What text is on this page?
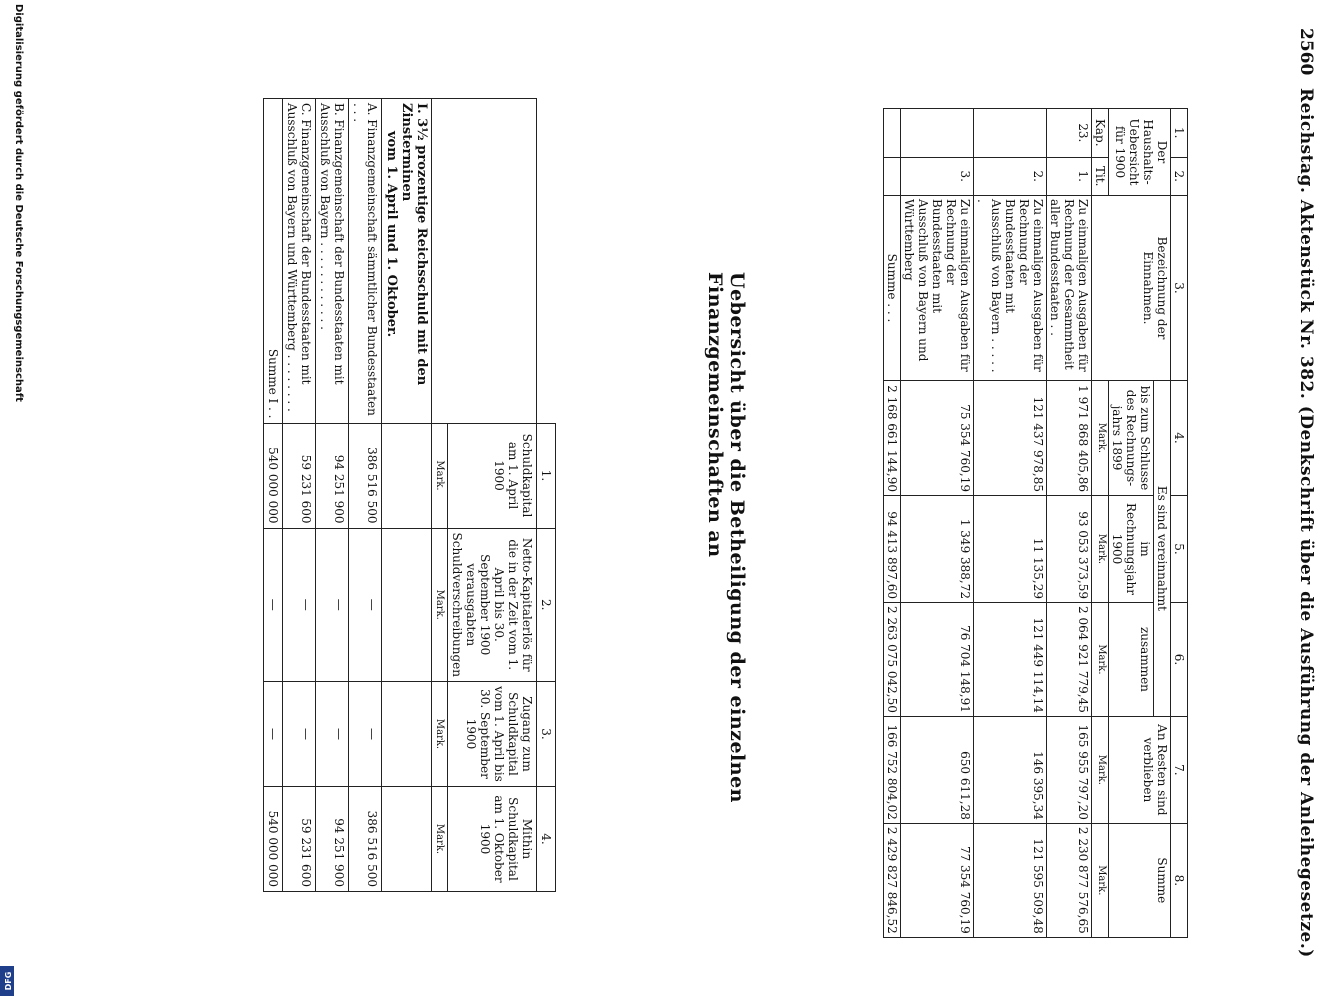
2560
Reichstag. Aktenstück Nr. 382. (Denkschrift über die Ausführung der Anleihegesetze.)
1.	2.	3.	4.	5.	6.	7.	8.
Der Haushalts-Uebersicht für 1900		Bezeichnung der Einnahmen.	Es sind vereinnahmt			An Resten sind verblieben	Summe
			bis zum Schlusse des Rechnungs-jahrs 1899	im Rechnungsjahr 1900	zusammen		
Kap.	Tit.		Mark.	Mark.	Mark.	Mark.	Mark.
23.	1.	Zu einmaligen Ausgaben für Rechnung der Gesammtheit aller Bundesstaaten . .	1 971 868 405,86	93 053 373,59	2 064 921 779,45	165 955 797,20	2 230 877 576,65
	2.	Zu einmaligen Ausgaben für Rechnung der Bundesstaaten mit Ausschluß von Bayern . . . . . .	121 437 978,85	11 135,29	121 449 114,14	146 395,34	121 595 509,48
	3.	Zu einmaligen Ausgaben für Rechnung der Bundesstaaten mit Ausschluß von Bayern und Württemberg	75 354 760,19	1 349 388,72	76 704 148,91	650 611,28	77 354 760,19
		Summe . . .	2 168 661 144,90	94 413 897,60	2 263 075 042,50	166 752 804,02	2 429 827 846,52
Uebersicht über die Betheiligung der einzelnen Finanzgemeinschaften an
	1.	2.	3.	4.
	Schuldkapital am 1. April 1900	Netto-Kapitalerlös für die in der Zeit vom 1. April bis 30. September 1900 verausgabten Schuldverschreibungen	Zugang zum Schuldkapital vom 1. April bis 30. September 1900	Mithin Schuldkapital am 1. Oktober 1900
	Mark.	Mark.	Mark.	Mark.

I. 3½ prozentige Reichsschuld mit den Zinsterminen
vom 1. April und 1. Oktober.				

A. Finanzgemeinschaft sämmtlicher Bundesstaaten . . .	386 516 500	—	—	386 516 500
B. Finanzgemeinschaft der Bundesstaaten mit Ausschluß von Bayern . . . . . . . . . . . .	94 251 900	—	—	94 251 900
C. Finanzgemeinschaft der Bundesstaaten mit Ausschluß von Bayern und Württemberg . . . . . . . .	59 231 600	—	—	59 231 600
Summe I . .	540 000 000	—	—	540 000 000
Digitalisierung gefördert durch die Deutsche Forschungsgemeinschaft
DFG
